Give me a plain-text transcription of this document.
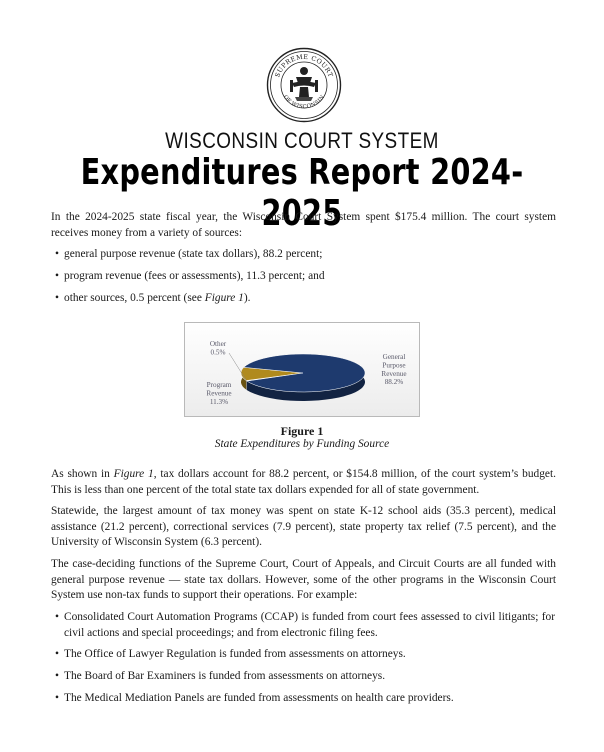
SUPREME COURT
OF WISCONSIN
WISCONSIN COURT SYSTEM
Expenditures Report 2024-2025

In the 2024-2025 state fiscal year, the Wisconsin Court System spent $175.4 million. The court system receives money from a variety of sources:

• general purpose revenue (state tax dollars), 88.2 percent;
• program revenue (fees or assessments), 11.3 percent; and
• other sources, 0.5 percent (see Figure 1).
General Purpose Revenue 88.2%
Program Revenue 11.3%
Other 0.5%
Figure 1
State Expenditures by Funding Source

As shown in Figure 1, tax dollars account for 88.2 percent, or $154.8 million, of the court system’s budget. This is less than one percent of the total state tax dollars expended for all of state government.

Statewide, the largest amount of tax money was spent on state K-12 school aids (35.3 percent), medical assistance (21.2 percent), correctional services (7.9 percent), state property tax relief (7.5 percent), and the University of Wisconsin System (6.3 percent).

The case-deciding functions of the Supreme Court, Court of Appeals, and Circuit Courts are all funded with general purpose revenue — state tax dollars. However, some of the other programs in the Wisconsin Court System use non-tax funds to support their operations. For example:

• Consolidated Court Automation Programs (CCAP) is funded from court fees assessed to civil litigants; for civil actions and special proceedings; and from electronic filing fees.
• The Office of Lawyer Regulation is funded from assessments on attorneys.
• The Board of Bar Examiners is funded from assessments on attorneys.
• The Medical Mediation Panels are funded from assessments on health care providers.
